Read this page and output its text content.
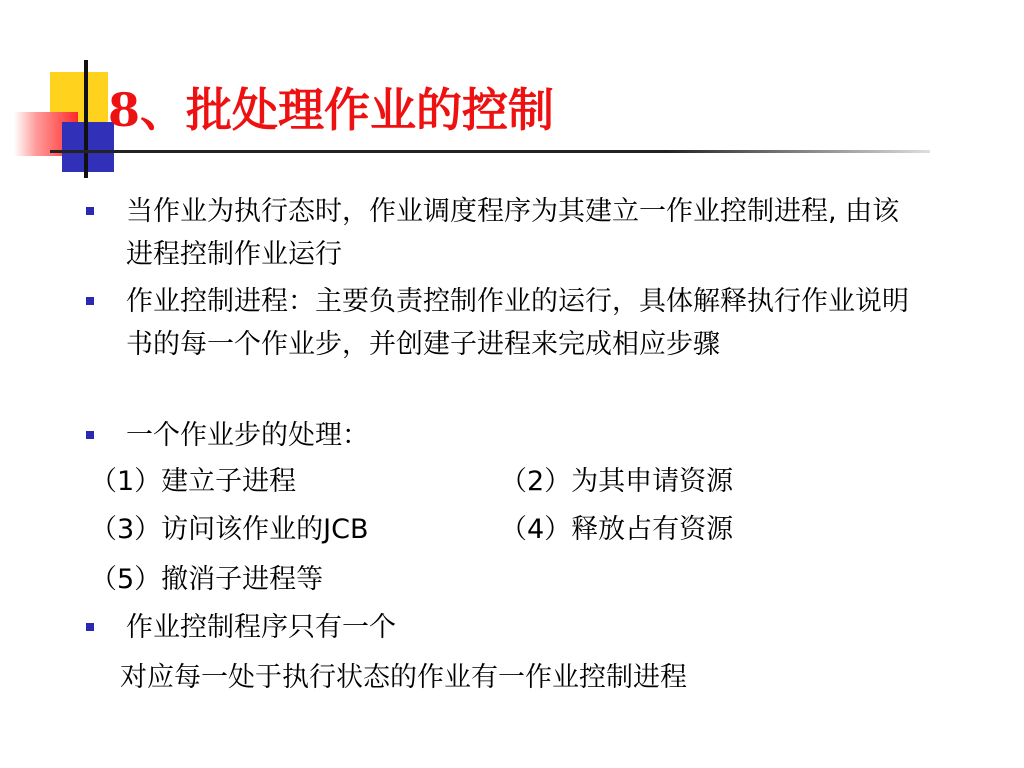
8、批处理作业的控制
当作业为执行态时，作业调度程序为其建立一作业控制进程, 由该进程控制作业运行
作业控制进程：主要负责控制作业的运行，具体解释执行作业说明书的每一个作业步，并创建子进程来完成相应步骤
一个作业步的处理：
（1）建立子进程	（2）为其申请资源
（3）访问该作业的JCB	（4）释放占有资源
（5）撤消子进程等
作业控制程序只有一个
对应每一处于执行状态的作业有一作业控制进程
